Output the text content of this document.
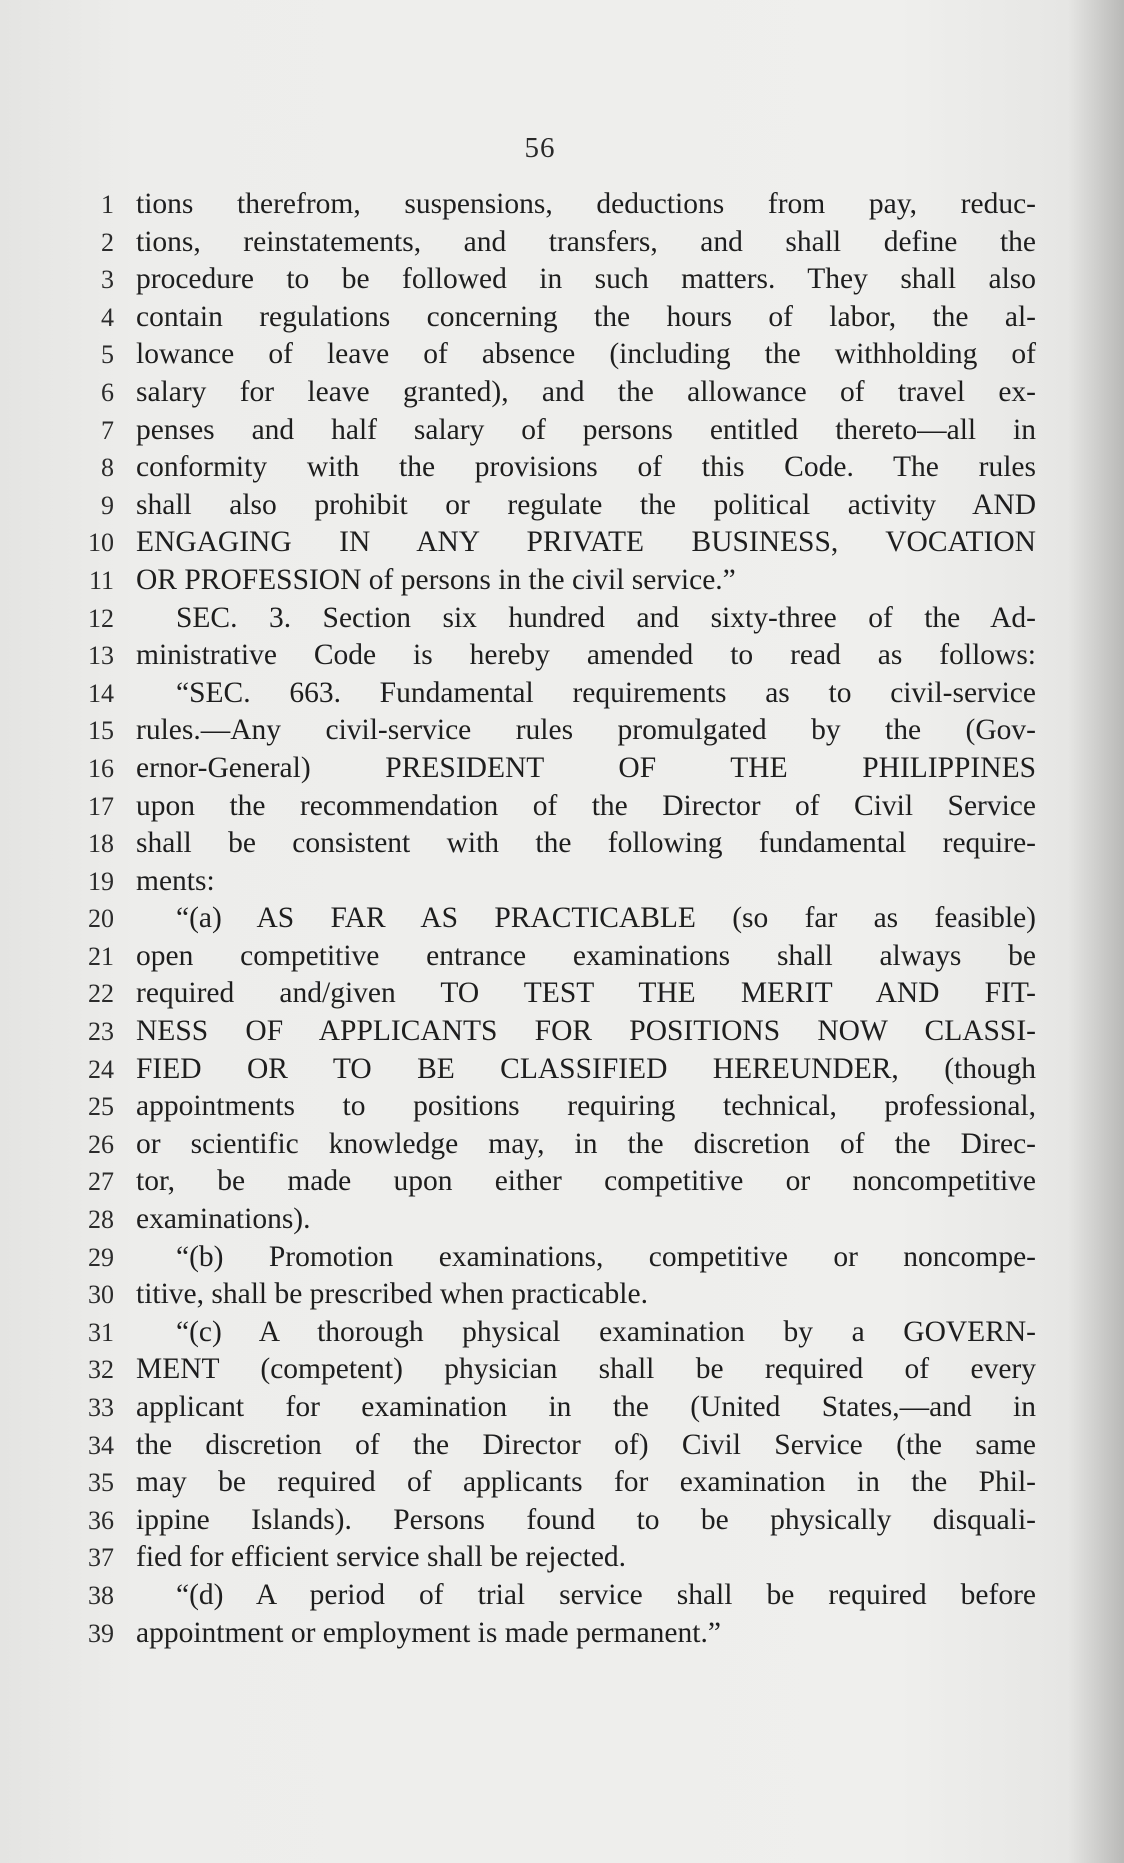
56
1 tions therefrom, suspensions, deductions from pay, reduc-
2 tions, reinstatements, and transfers, and shall define the
3 procedure to be followed in such matters. They shall also
4 contain regulations concerning the hours of labor, the al-
5 lowance of leave of absence (including the withholding of
6 salary for leave granted), and the allowance of travel ex-
7 penses and half salary of persons entitled thereto—all in
8 conformity with the provisions of this Code. The rules
9 shall also prohibit or regulate the political activity AND
10 ENGAGING IN ANY PRIVATE BUSINESS, VOCATION
11 OR PROFESSION of persons in the civil service.”
12 SEC. 3. Section six hundred and sixty-three of the Ad-
13 ministrative Code is hereby amended to read as follows:
14 “SEC. 663. Fundamental requirements as to civil-service
15 rules.—Any civil-service rules promulgated by the (Gov-
16 ernor-General) PRESIDENT OF THE PHILIPPINES
17 upon the recommendation of the Director of Civil Service
18 shall be consistent with the following fundamental require-
19 ments:
20 “(a) AS FAR AS PRACTICABLE (so far as feasible)
21 open competitive entrance examinations shall always be
22 required and/given TO TEST THE MERIT AND FIT-
23 NESS OF APPLICANTS FOR POSITIONS NOW CLASSI-
24 FIED OR TO BE CLASSIFIED HEREUNDER, (though
25 appointments to positions requiring technical, professional,
26 or scientific knowledge may, in the discretion of the Direc-
27 tor, be made upon either competitive or noncompetitive
28 examinations).
29 “(b) Promotion examinations, competitive or noncompe-
30 titive, shall be prescribed when practicable.
31 “(c) A thorough physical examination by a GOVERN-
32 MENT (competent) physician shall be required of every
33 applicant for examination in the (United States,—and in
34 the discretion of the Director of) Civil Service (the same
35 may be required of applicants for examination in the Phil-
36 ippine Islands). Persons found to be physically disquali-
37 fied for efficient service shall be rejected.
38 “(d) A period of trial service shall be required before
39 appointment or employment is made permanent.”
